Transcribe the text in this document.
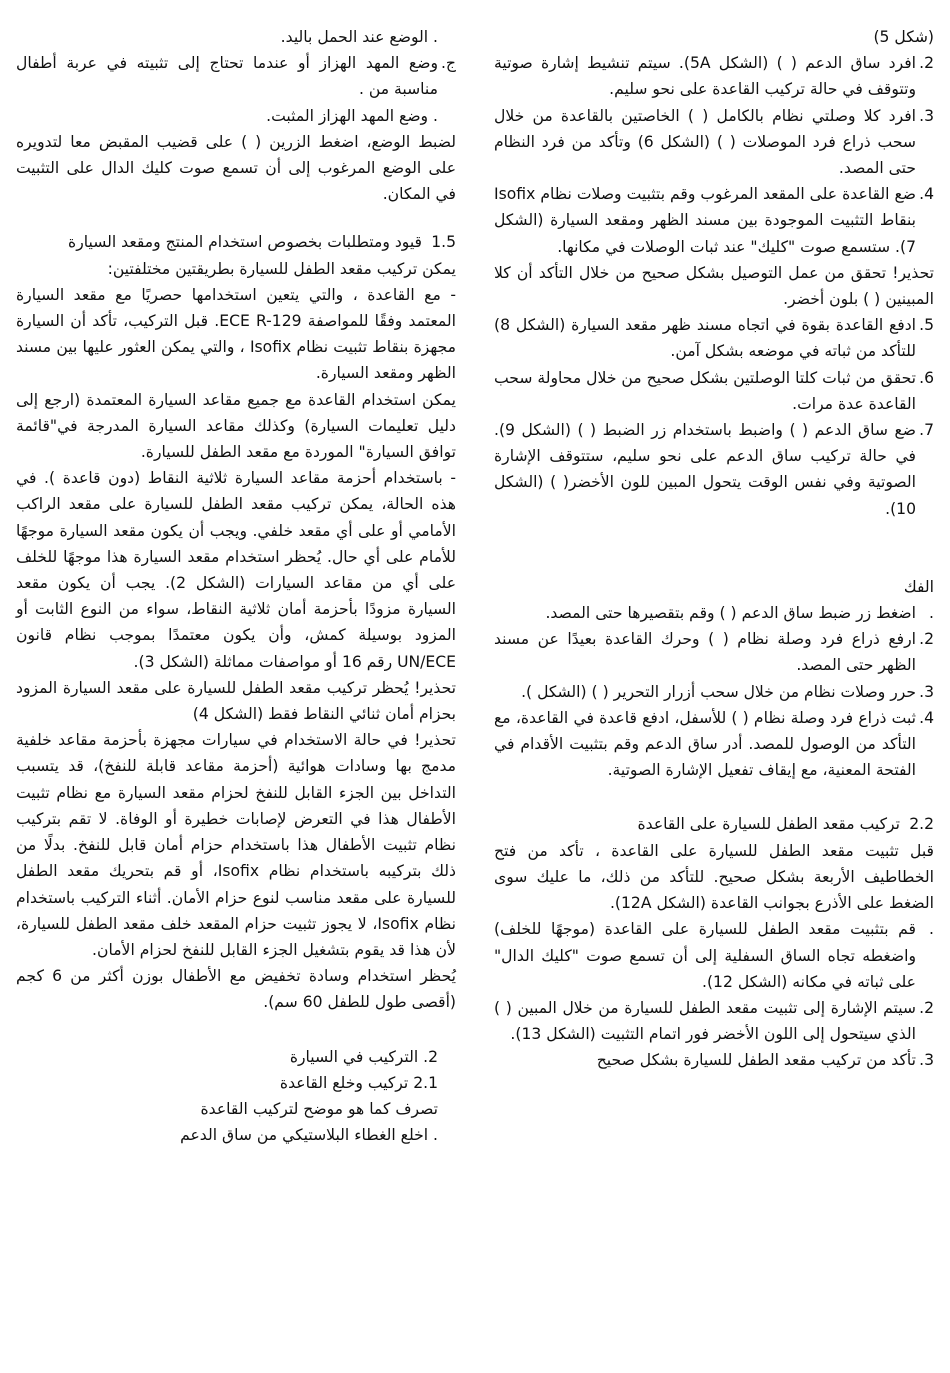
(شكل 5)

2.
افرد ساق الدعم ( ) (الشكل 5A). سيتم تنشيط إشارة صوتية وتتوقف في حالة تركيب القاعدة على نحو سليم.
3.
افرد كلا وصلتي نظام بالكامل ( ) الخاصتين بالقاعدة من خلال سحب ذراع فرد الموصلات ( ) (الشكل 6) وتأكد من فرد النظام حتى المصد.
4.
ضع القاعدة على المقعد المرغوب وقم بتثبيت وصلات نظام Isofix بنقاط التثبيت الموجودة بين مسند الظهر ومقعد السيارة (الشكل 7). ستسمع صوت "كليك" عند ثبات الوصلات في مكانها.

تحذير! تحقق من عمل التوصيل بشكل صحيح من خلال التأكد أن كلا المبينين ( ) بلون أخضر.

5.
ادفع القاعدة بقوة في اتجاه مسند ظهر مقعد السيارة (الشكل 8) للتأكد من ثباته في موضعه بشكل آمن.
6.
تحقق من ثبات كلتا الوصلتين بشكل صحيح من خلال محاولة سحب القاعدة عدة مرات.
7.
ضع ساق الدعم ( ) واضبط باستخدام زر الضبط ( ) (الشكل 9). في حالة تركيب ساق الدعم على نحو سليم، ستتوقف الإشارة الصوتية وفي نفس الوقت يتحول المبين للون الأخضر( ) (الشكل 10).

الفك

.
اضغط زر ضبط ساق الدعم ( ) وقم بتقصيرها حتى المصد.
2.
ارفع ذراع فرد وصلة نظام ( ) وحرك القاعدة بعيدًا عن مسند الظهر حتى المصد.
3.
حرر وصلات نظام من خلال سحب أزرار التحرير ( ) (الشكل ).
4.
ثبت ذراع فرد وصلة نظام ( ) للأسفل، ادفع قاعدة في القاعدة، مع التأكد من الوصول للمصد. أدر ساق الدعم وقم بتثبيت الأقدام في الفتحة المعنية، مع إيقاف تفعيل الإشارة الصوتية.
2.2
تركيب مقعد الطفل للسيارة على القاعدة

قبل تثبيت مقعد الطفل للسيارة على القاعدة ، تأكد من فتح الخطاطيف الأربعة بشكل صحيح. للتأكد من ذلك، ما عليك سوى الضغط على الأذرع بجوانب القاعدة (الشكل 12A).

.
قم بتثبيت مقعد الطفل للسيارة على القاعدة (موجهًا للخلف) واضغطه تجاه الساق السفلية إلى أن تسمع صوت "كليك الدال" على ثباته في مكانه (الشكل 12).
2.
سيتم الإشارة إلى تثبيت مقعد الطفل للسيارة من خلال المبين ( ) الذي سيتحول إلى اللون الأخضر فور اتمام التثبيت (الشكل 13).
3.
تأكد من تركيب مقعد الطفل للسيارة بشكل صحيح

. الوضع عند الحمل باليد.

ج.
وضع المهد الهزاز أو عندما تحتاج إلى تثبيته في عربة أطفال مناسبة من .

. وضع المهد الهزاز المثبت.

لضبط الوضع، اضغط الزرين ( ) على قضيب المقبض معا لتدويره على الوضع المرغوب إلى أن تسمع صوت كليك الدال على التثبيت في المكان.

1.5
قيود ومتطلبات بخصوص استخدام المنتج ومقعد السيارة

يمكن تركيب مقعد الطفل للسيارة بطريقتين مختلفتين:

- مع القاعدة ، والتي يتعين استخدامها حصريًا مع مقعد السيارة المعتمد وفقًا للمواصفة ECE R-129. قبل التركيب، تأكد أن السيارة مجهزة بنقاط تثبيت نظام Isofix ، والتي يمكن العثور عليها بين مسند الظهر ومقعد السيارة.

يمكن استخدام القاعدة مع جميع مقاعد السيارة المعتمدة (ارجع إلى دليل تعليمات السيارة) وكذلك مقاعد السيارة المدرجة في"قائمة توافق السيارة" الموردة مع مقعد الطفل للسيارة.

- باستخدام أحزمة مقاعد السيارة ثلاثية النقاط (دون قاعدة ). في هذه الحالة، يمكن تركيب مقعد الطفل للسيارة على مقعد الراكب الأمامي أو على أي مقعد خلفي. ويجب أن يكون مقعد السيارة موجهًا للأمام على أي حال. يُحظر استخدام مقعد السيارة هذا موجهًا للخلف على أي من مقاعد السيارات (الشكل 2). يجب أن يكون مقعد السيارة مزودًا بأحزمة أمان ثلاثية النقاط، سواء من النوع الثابت أو المزود بوسيلة كمش، وأن يكون معتمدًا بموجب نظام قانون UN/ECE رقم 16 أو مواصفات مماثلة (الشكل 3).

تحذير! يُحظر تركيب مقعد الطفل للسيارة على مقعد السيارة المزود بحزام أمان ثنائي النقاط فقط (الشكل 4)

تحذير! في حالة الاستخدام في سيارات مجهزة بأحزمة مقاعد خلفية مدمج بها وسادات هوائية (أحزمة مقاعد قابلة للنفخ)، قد يتسبب التداخل بين الجزء القابل للنفخ لحزام مقعد السيارة مع نظام تثبيت الأطفال هذا في التعرض لإصابات خطيرة أو الوفاة. لا تقم بتركيب نظام تثبيت الأطفال هذا باستخدام حزام أمان قابل للنفخ. بدلًا من ذلك بتركيبه باستخدام نظام Isofix، أو قم بتحريك مقعد الطفل للسيارة على مقعد مناسب لنوع حزام الأمان. أثناء التركيب باستخدام نظام Isofix، لا يجوز تثبيت حزام المقعد خلف مقعد الطفل للسيارة، لأن هذا قد يقوم بتشغيل الجزء القابل للنفخ لحزام الأمان.

يُحظر استخدام وسادة تخفيض مع الأطفال بوزن أكثر من 6 كجم (أقصى طول للطفل 60 سم).

2. التركيب في السيارة

2.1 تركيب وخلع القاعدة

تصرف كما هو موضح لتركيب القاعدة

. اخلع الغطاء البلاستيكي من ساق الدعم
